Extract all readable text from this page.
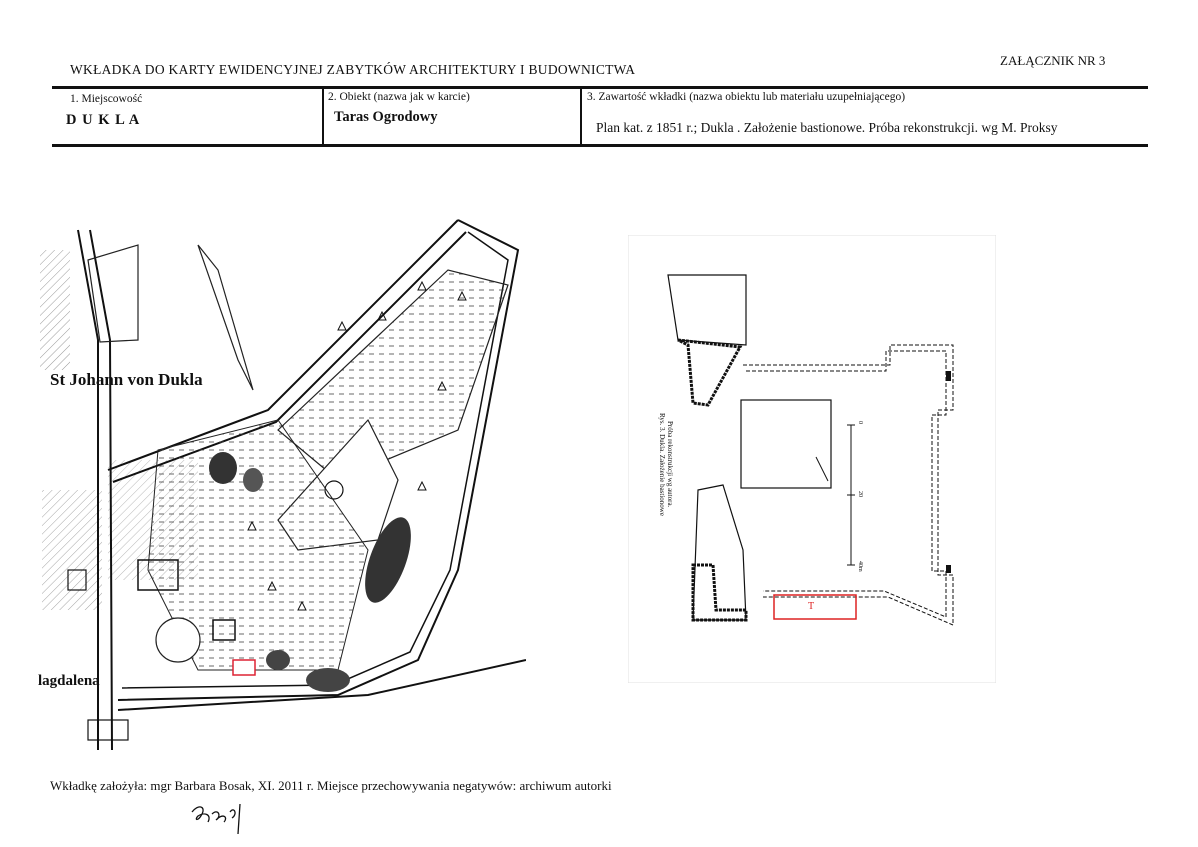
WKŁADKA DO KARTY EWIDENCYJNEJ ZABYTKÓW ARCHITEKTURY I BUDOWNICTWA
ZAŁĄCZNIK NR 3
1. Miejscowość
D U K L A
2. Obiekt (nazwa jak w karcie)
Taras Ogrodowy
3. Zawartość wkładki (nazwa obiektu lub materiału uzupełniającego)
Plan kat. z 1851 r.; Dukla . Założenie bastionowe. Próba rekonstrukcji. wg M. Proksy
St Johann von Dukla
lagdalena
0
20
40m
Rys. 3. Dukla. Założenie bastionowe Próba rekonstrukcji wg autora.
T
Wkładkę założyła: mgr Barbara Bosak, XI. 2011 r. Miejsce przechowywania negatywów: archiwum autorki
